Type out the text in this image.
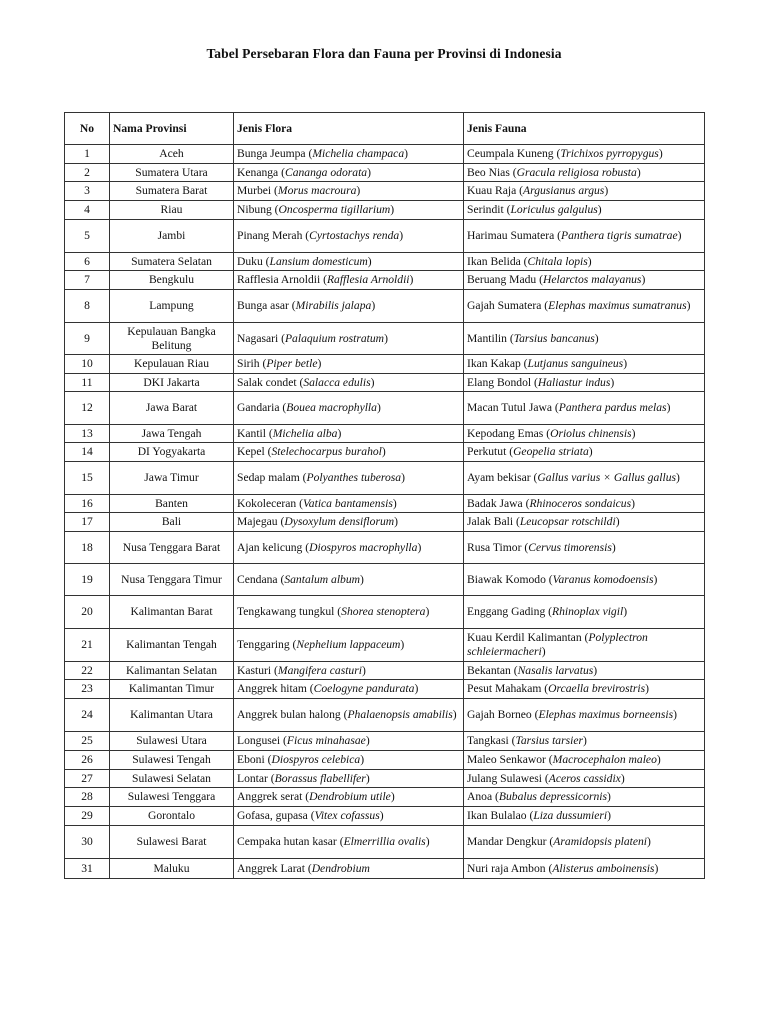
Tabel Persebaran Flora dan Fauna per Provinsi di Indonesia
No	Nama Provinsi	Jenis Flora	Jenis Fauna
1	Aceh	Bunga Jeumpa (Michelia champaca)	Ceumpala Kuneng (Trichixos pyrropygus)
2	Sumatera Utara	Kenanga (Cananga odorata)	Beo Nias (Gracula religiosa robusta)
3	Sumatera Barat	Murbei (Morus macroura)	Kuau Raja (Argusianus argus)
4	Riau	Nibung (Oncosperma tigillarium)	Serindit (Loriculus galgulus)
5	Jambi	Pinang Merah (Cyrtostachys renda)	Harimau Sumatera (Panthera tigris sumatrae)
6	Sumatera Selatan	Duku (Lansium domesticum)	Ikan Belida (Chitala lopis)
7	Bengkulu	Rafflesia Arnoldii (Rafflesia Arnoldii)	Beruang Madu (Helarctos malayanus)
8	Lampung	Bunga asar (Mirabilis jalapa)	Gajah Sumatera (Elephas maximus sumatranus)
9	Kepulauan Bangka Belitung	Nagasari (Palaquium rostratum)	Mantilin (Tarsius bancanus)
10	Kepulauan Riau	Sirih (Piper betle)	Ikan Kakap (Lutjanus sanguineus)
11	DKI Jakarta	Salak condet (Salacca edulis)	Elang Bondol (Haliastur indus)
12	Jawa Barat	Gandaria (Bouea macrophylla)	Macan Tutul Jawa (Panthera pardus melas)
13	Jawa Tengah	Kantil (Michelia alba)	Kepodang Emas (Oriolus chinensis)
14	DI Yogyakarta	Kepel (Stelechocarpus burahol)	Perkutut (Geopelia striata)
15	Jawa Timur	Sedap malam (Polyanthes tuberosa)	Ayam bekisar (Gallus varius × Gallus gallus)
16	Banten	Kokoleceran (Vatica bantamensis)	Badak Jawa (Rhinoceros sondaicus)
17	Bali	Majegau (Dysoxylum densiflorum)	Jalak Bali (Leucopsar rotschildi)
18	Nusa Tenggara Barat	Ajan kelicung (Diospyros macrophylla)	Rusa Timor (Cervus timorensis)
19	Nusa Tenggara Timur	Cendana (Santalum album)	Biawak Komodo (Varanus komodoensis)
20	Kalimantan Barat	Tengkawang tungkul (Shorea stenoptera)	Enggang Gading (Rhinoplax vigil)
21	Kalimantan Tengah	Tenggaring (Nephelium lappaceum)	Kuau Kerdil Kalimantan (Polyplectron schleiermacheri)
22	Kalimantan Selatan	Kasturi (Mangifera casturi)	Bekantan (Nasalis larvatus)
23	Kalimantan Timur	Anggrek hitam (Coelogyne pandurata)	Pesut Mahakam (Orcaella brevirostris)
24	Kalimantan Utara	Anggrek bulan halong (Phalaenopsis amabilis)	Gajah Borneo (Elephas maximus borneensis)
25	Sulawesi Utara	Longusei (Ficus minahasae)	Tangkasi (Tarsius tarsier)
26	Sulawesi Tengah	Eboni (Diospyros celebica)	Maleo Senkawor (Macrocephalon maleo)
27	Sulawesi Selatan	Lontar (Borassus flabellifer)	Julang Sulawesi (Aceros cassidix)
28	Sulawesi Tenggara	Anggrek serat (Dendrobium utile)	Anoa (Bubalus depressicornis)
29	Gorontalo	Gofasa, gupasa (Vitex cofassus)	Ikan Bulalao (Liza dussumieri)
30	Sulawesi Barat	Cempaka hutan kasar (Elmerrillia ovalis)	Mandar Dengkur (Aramidopsis plateni)
31	Maluku	Anggrek Larat (Dendrobium	Nuri raja Ambon (Alisterus amboinensis)
